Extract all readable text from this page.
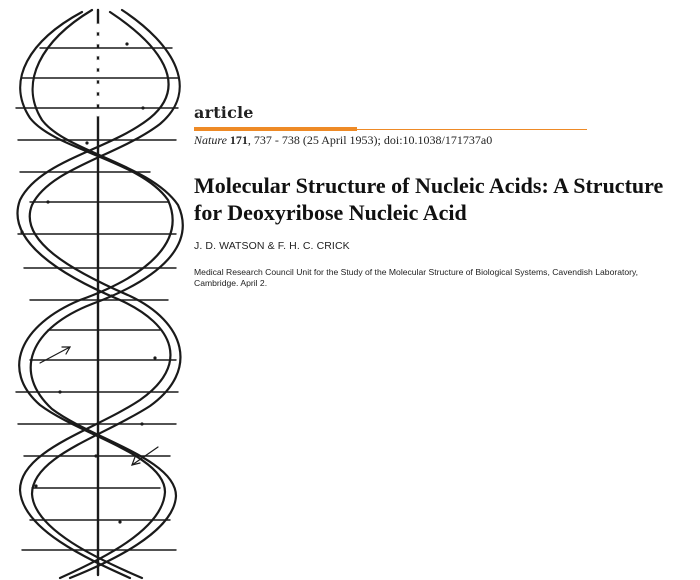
article
Nature 171, 737 - 738 (25 April 1953); doi:10.1038/171737a0
Molecular Structure of Nucleic Acids: A Structure
for Deoxyribose Nucleic Acid
J. D. WATSON & F. H. C. CRICK
Medical Research Council Unit for the Study of the Molecular Structure of Biological Systems, Cavendish Laboratory,
Cambridge. April 2.
